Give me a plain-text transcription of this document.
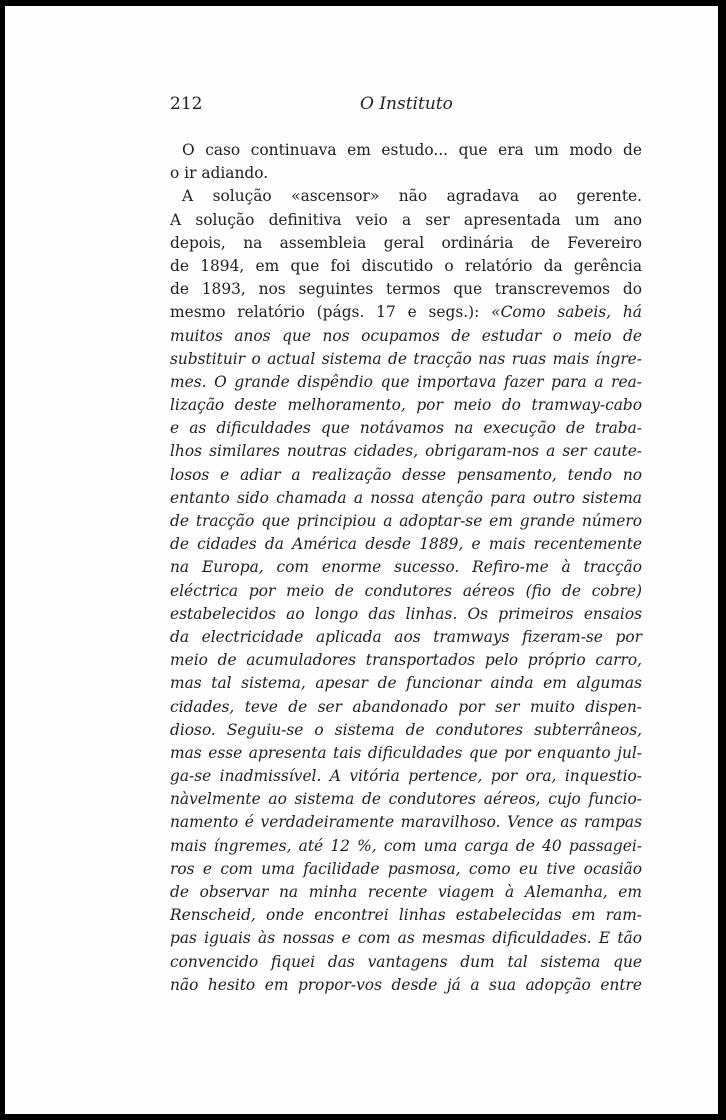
212	O Instituto
O caso continuava em estudo... que era um modo de
o ir adiando.
A solução «ascensor» não agradava ao gerente.
A solução definitiva veio a ser apresentada um ano
depois, na assembleia geral ordinária de Fevereiro
de 1894, em que foi discutido o relatório da gerência
de 1893, nos seguintes termos que transcrevemos do
mesmo relatório (págs. 17 e segs.): «Como sabeis, há
muitos anos que nos ocupamos de estudar o meio de
substituir o actual sistema de tracção nas ruas mais íngre-
mes. O grande dispêndio que importava fazer para a rea-
lização deste melhoramento, por meio do tramway-cabo
e as dificuldades que notávamos na execução de traba-
lhos similares noutras cidades, obrigaram-nos a ser caute-
losos e adiar a realização desse pensamento, tendo no
entanto sido chamada a nossa atenção para outro sistema
de tracção que principiou a adoptar-se em grande número
de cidades da América desde 1889, e mais recentemente
na Europa, com enorme sucesso. Refiro-me à tracção
eléctrica por meio de condutores aéreos (fio de cobre)
estabelecidos ao longo das linhas. Os primeiros ensaios
da electricidade aplicada aos tramways fizeram-se por
meio de acumuladores transportados pelo próprio carro,
mas tal sistema, apesar de funcionar ainda em algumas
cidades, teve de ser abandonado por ser muito dispen-
dioso. Seguiu-se o sistema de condutores subterrâneos,
mas esse apresenta tais dificuldades que por enquanto jul-
ga-se inadmissível. A vitória pertence, por ora, inquestio-
nàvelmente ao sistema de condutores aéreos, cujo funcio-
namento é verdadeiramente maravilhoso. Vence as rampas
mais íngremes, até 12 %, com uma carga de 40 passagei-
ros e com uma facilidade pasmosa, como eu tive ocasião
de observar na minha recente viagem à Alemanha, em
Renscheid, onde encontrei linhas estabelecidas em ram-
pas iguais às nossas e com as mesmas dificuldades. E tão
convencido fiquei das vantagens dum tal sistema que
não hesito em propor-vos desde já a sua adopção entre
